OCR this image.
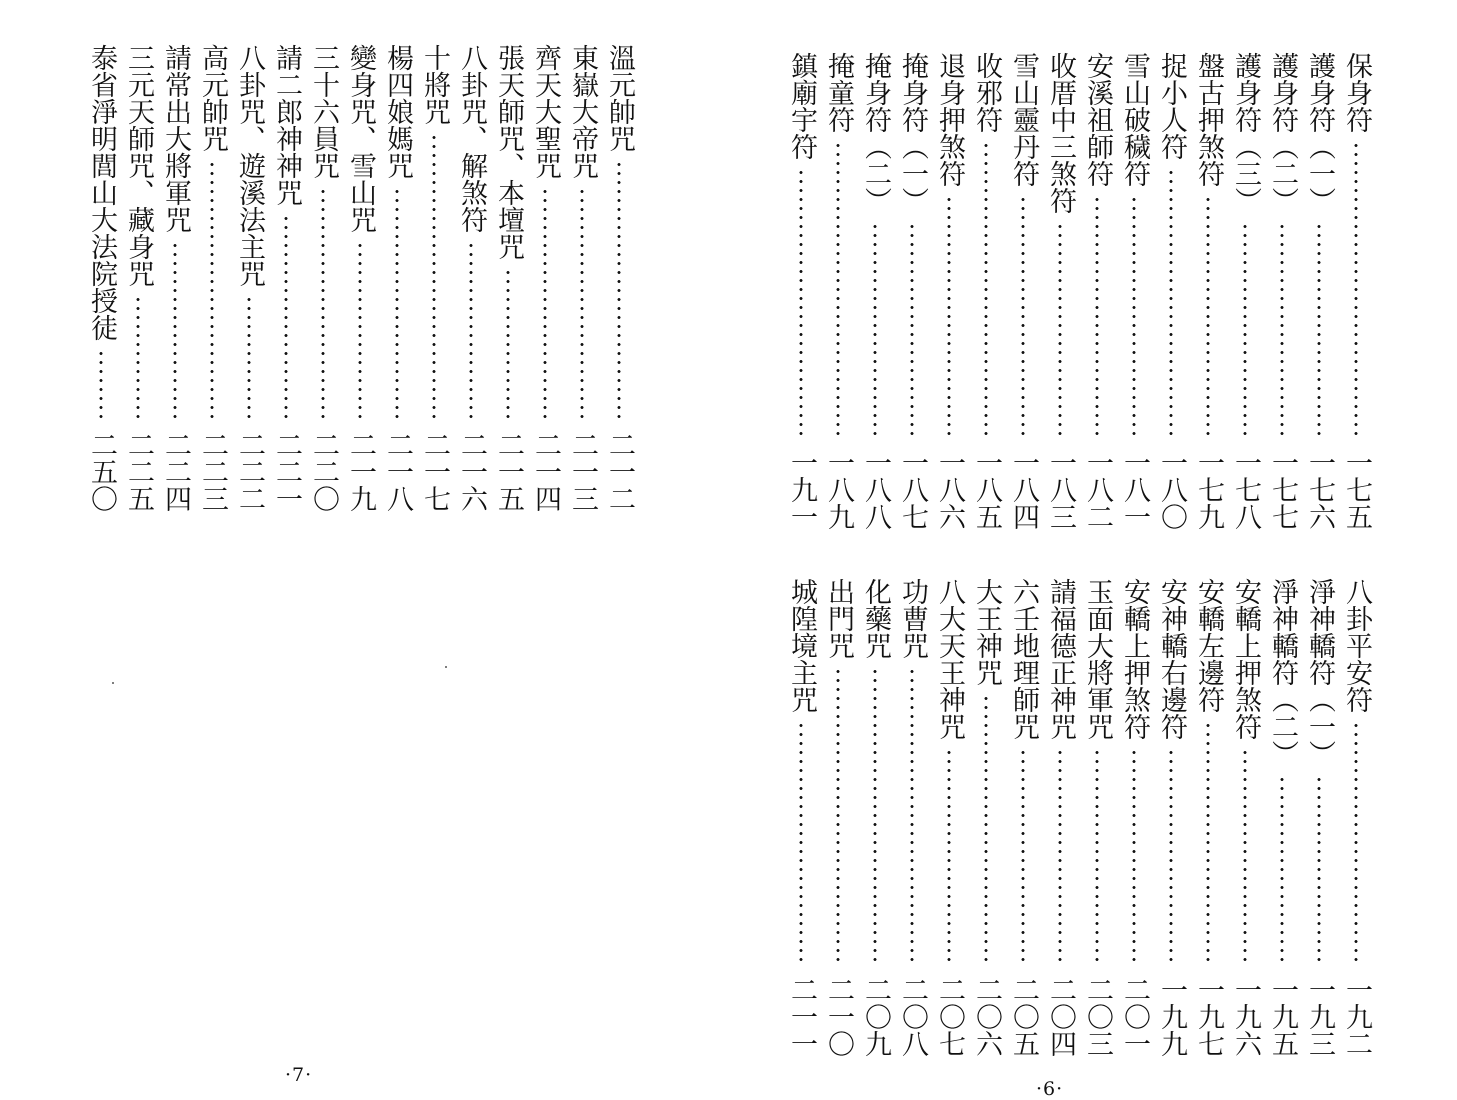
溫元帥咒
二一二
東嶽大帝咒
二一三
齊天大聖咒
二一四
張天師咒、本壇咒
二一五
八卦咒、解煞符
二一六
十將咒
二一七
楊四娘媽咒
二一八
變身咒、雪山咒
二一九
三十六員咒
二二〇
請二郎神神咒
二二一
八卦咒、遊溪法主咒
二二二
高元帥咒
二二三
請常出大將軍咒
二二四
三元天師咒、藏身咒
二二五
泰省淨明閭山大法院授徒
二五〇
·7·
保身符
一七五
護身符（一）
一七六
護身符（二）
一七七
護身符（三）
一七八
盤古押煞符
一七九
捉小人符
一八〇
雪山破穢符
一八一
安溪祖師符
一八二
收厝中三煞符
一八三
雪山靈丹符
一八四
收邪符
一八五
退身押煞符
一八六
掩身符（一）
一八七
掩身符（二）
一八八
掩童符
一八九
鎮廟宇符
一九一
八卦平安符
一九二
淨神轎符（一）
一九三
淨神轎符（二）
一九五
安轎上押煞符
一九六
安轎左邊符
一九七
安神轎右邊符
一九九
安轎上押煞符
二〇一
玉面大將軍咒
二〇三
請福德正神咒
二〇四
六壬地理師咒
二〇五
大王神咒
二〇六
八大天王神咒
二〇七
功曹咒
二〇八
化藥咒
二〇九
出門咒
二一〇
城隍境主咒
二一一
·6·
